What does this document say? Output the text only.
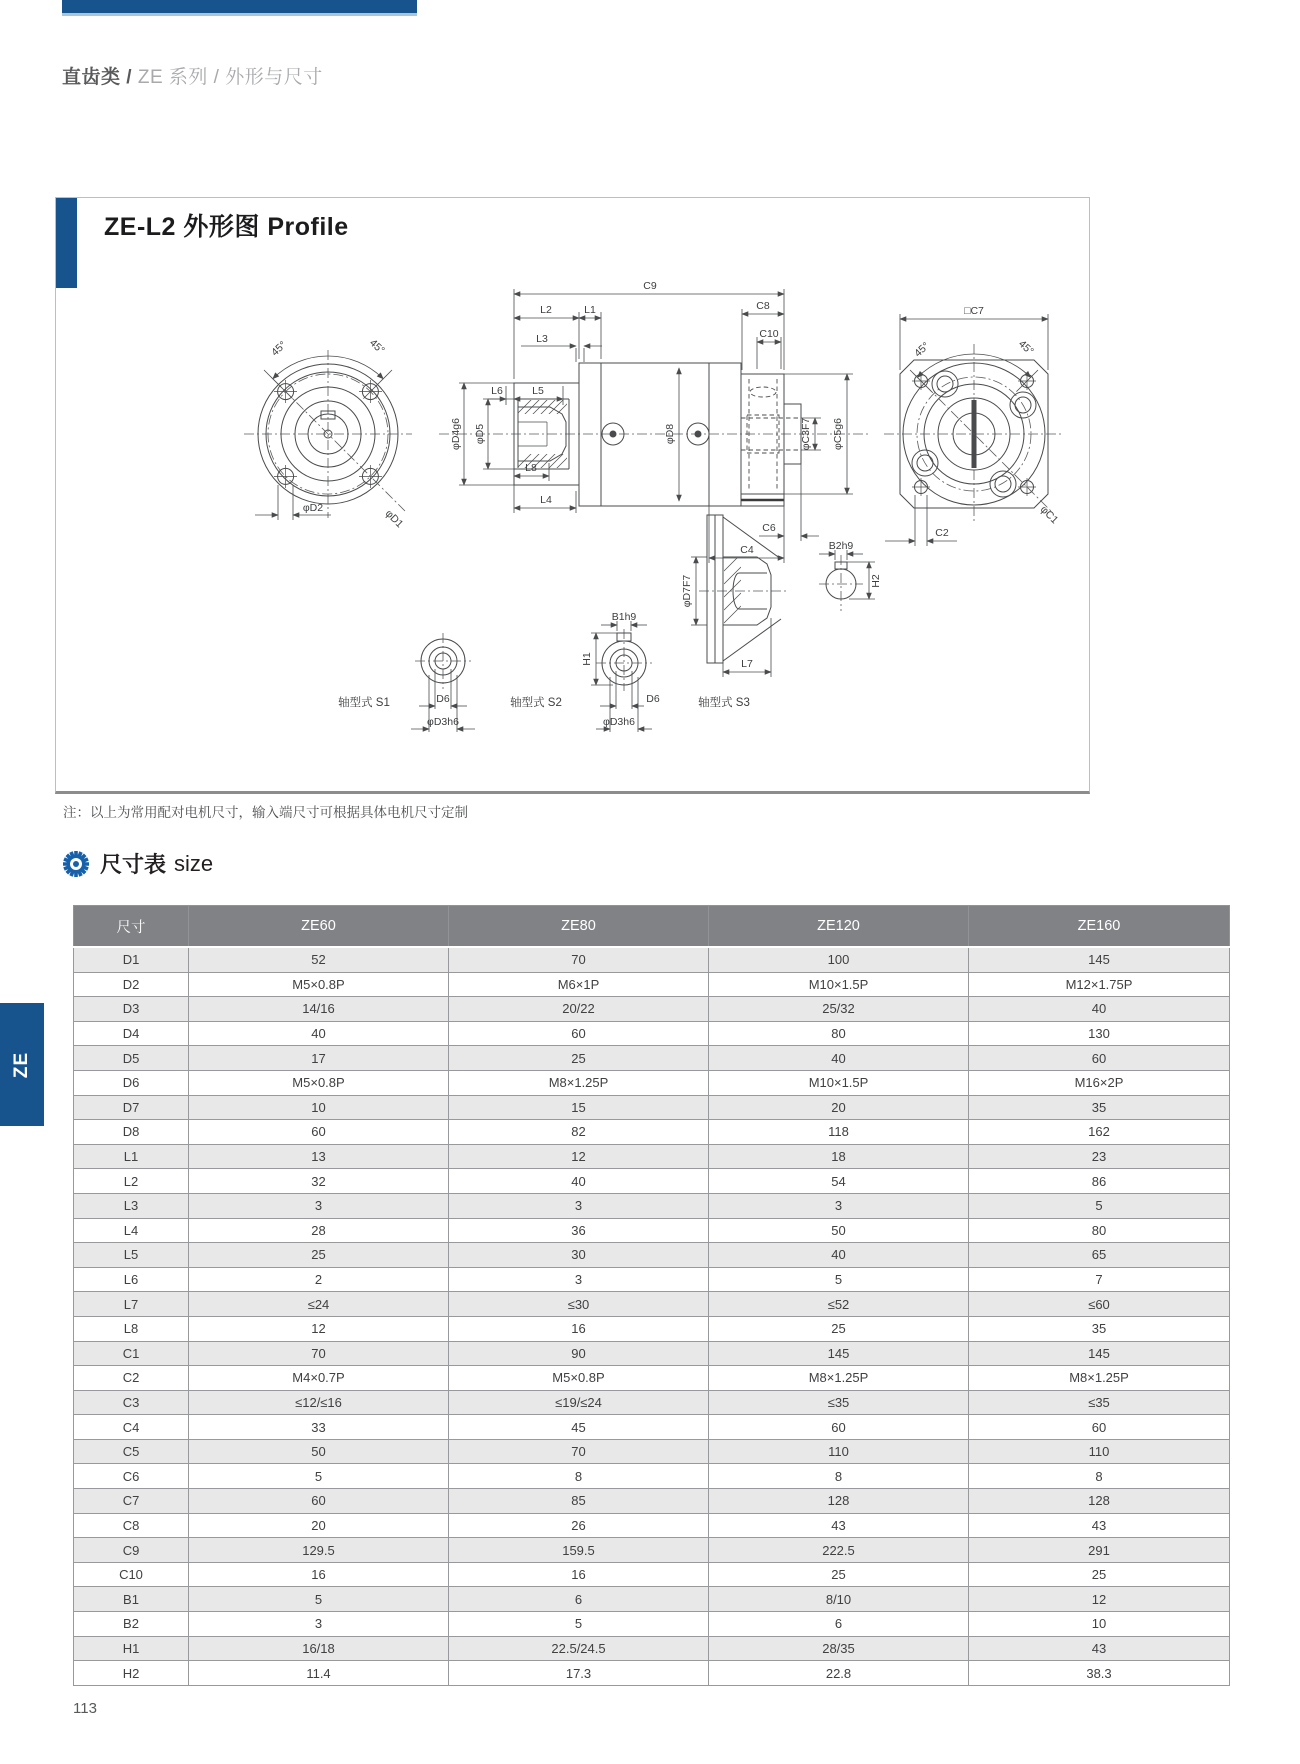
直齿类 / ZE 系列 / 外形与尺寸
ZE-L2 外形图 Profile
45°	45°
φD1
φD2
C9
L2	L1
L3
C8
C10
L6	L5
φD4g6 φD5
L8
L4
φD8	φC3F7 φC5g6
C6
C4
45°	45°
□C7
φC1
C2
D6
φD3h6
轴型式 S1
B1h9
H1
D6
φD3h6
轴型式 S2
φD7F7
L7
轴型式 S3
B2h9
H2
注：以上为常用配对电机尺寸，输入端尺寸可根据具体电机尺寸定制
尺寸表 size
尺寸	ZE60	ZE80	ZE120	ZE160
D1	52	70	100	145
D2	M5×0.8P	M6×1P	M10×1.5P	M12×1.75P
D3	14/16	20/22	25/32	40
D4	40	60	80	130
D5	17	25	40	60
D6	M5×0.8P	M8×1.25P	M10×1.5P	M16×2P
D7	10	15	20	35
D8	60	82	118	162
L1	13	12	18	23
L2	32	40	54	86
L3	3	3	3	5
L4	28	36	50	80
L5	25	30	40	65
L6	2	3	5	7
L7	≤24	≤30	≤52	≤60
L8	12	16	25	35
C1	70	90	145	145
C2	M4×0.7P	M5×0.8P	M8×1.25P	M8×1.25P
C3	≤12/≤16	≤19/≤24	≤35	≤35
C4	33	45	60	60
C5	50	70	110	110
C6	5	8	8	8
C7	60	85	128	128
C8	20	26	43	43
C9	129.5	159.5	222.5	291
C10	16	16	25	25
B1	5	6	8/10	12
B2	3	5	6	10
H1	16/18	22.5/24.5	28/35	43
H2	11.4	17.3	22.8	38.3
ZE
113
